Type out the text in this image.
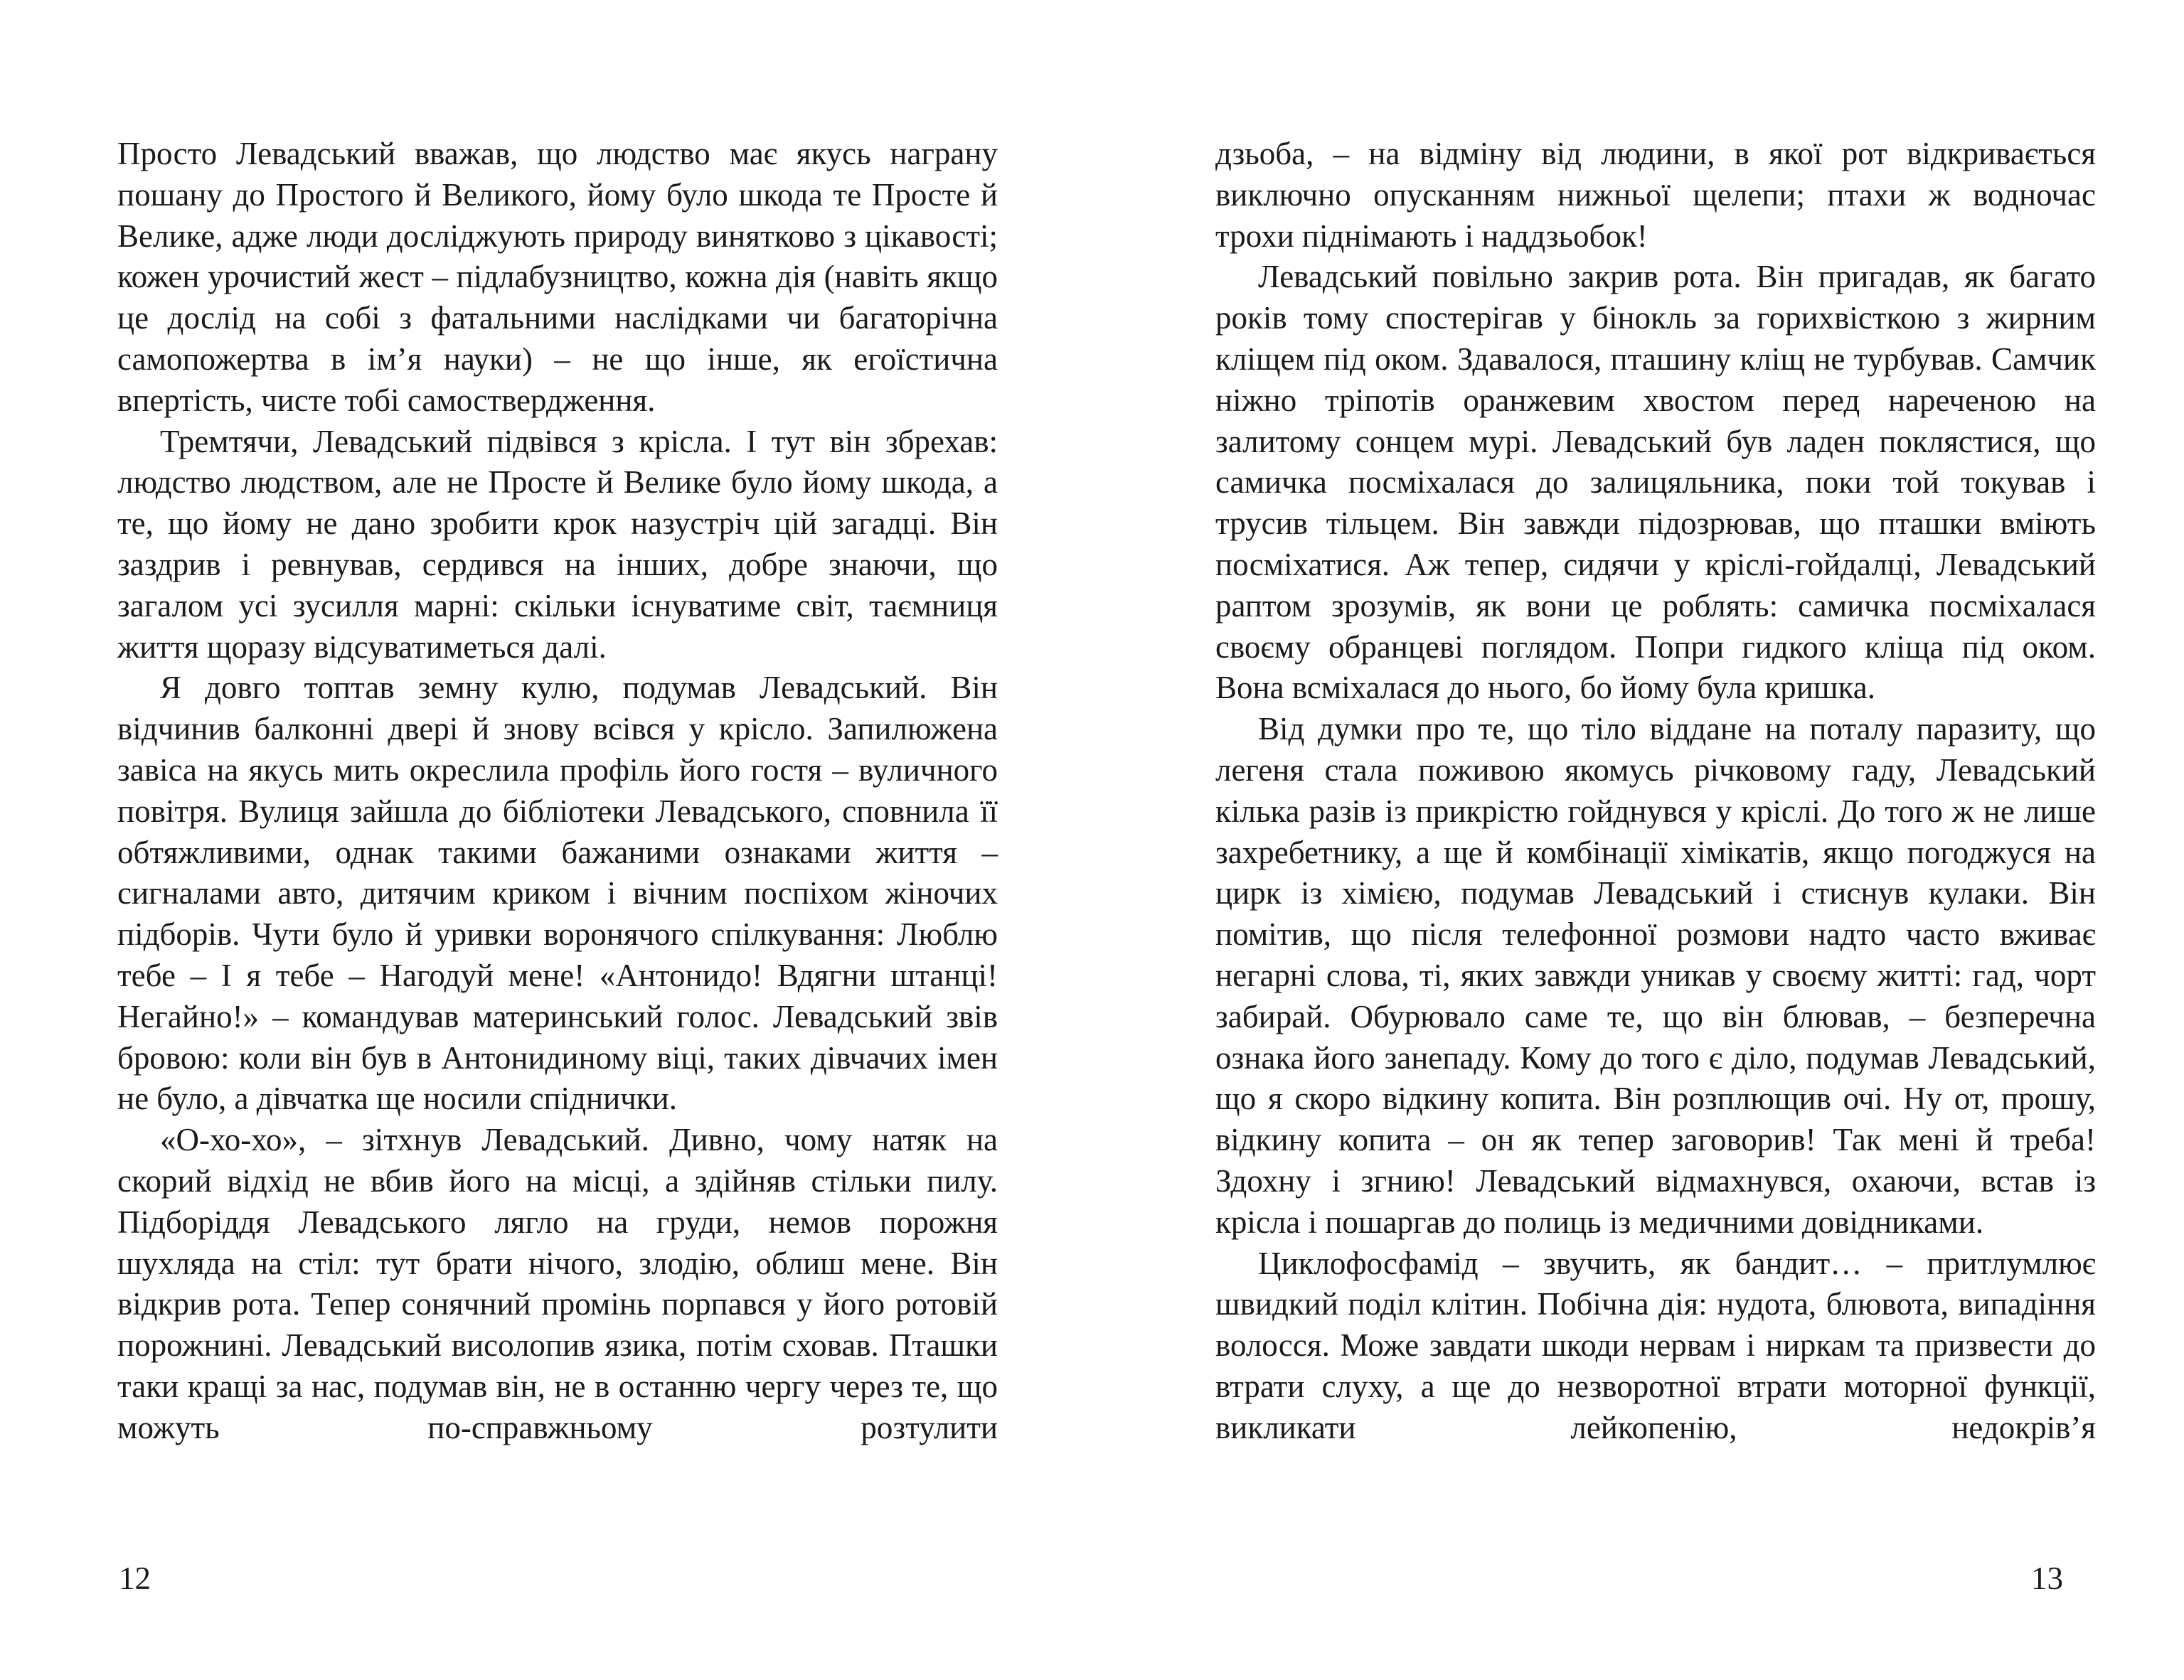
Просто Левадський вважав, що людство має якусь награну пошану до Простого й Великого, йому було шкода те Просте й Велике, адже люди досліджують природу винятково з цікавості; кожен урочистий жест – підлабузництво, кожна дія (навіть якщо це дослід на собі з фатальними наслідками чи багаторічна самопожертва в ім’я науки) – не що інше, як егоїстична впертість, чисте тобі самоствердження.

Тремтячи, Левадський підвівся з крісла. І тут він збрехав: людство людством, але не Просте й Велике було йому шкода, а те, що йому не дано зробити крок назустріч цій загадці. Він заздрив і ревнував, сердився на інших, добре знаючи, що загалом усі зусилля марні: скільки існуватиме світ, таємниця життя щоразу відсуватиметься далі.

Я довго топтав земну кулю, подумав Левадський. Він відчинив балконні двері й знову всівся у крісло. Запилюжена завіса на якусь мить окреслила профіль його гостя – вуличного повітря. Вулиця зайшла до бібліотеки Левадського, сповнила її обтяжливими, однак такими бажаними ознаками життя – сигналами авто, дитячим криком і вічним поспіхом жіночих підборів. Чути було й уривки воронячого спілкування: Люблю тебе – І я тебе – Нагодуй мене! «Антонидо! Вдягни штанці! Негайно!» – командував материнський голос. Левадський звів бровою: коли він був в Антонидиному віці, таких дівчачих імен не було, а дівчатка ще носили спіднички.

«О-хо-хо», – зітхнув Левадський. Дивно, чому натяк на скорий відхід не вбив його на місці, а здійняв стільки пилу. Підборіддя Левадського лягло на груди, немов порожня шухляда на стіл: тут брати нічого, злодію, облиш мене. Він відкрив рота. Тепер сонячний промінь порпався у його ротовій порожнині. Левадський висолопив язика, потім сховав. Пташки таки кращі за нас, подумав він, не в останню чергу через те, що можуть по-справжньому розтулити

12

дзьоба, – на відміну від людини, в якої рот відкривається виключно опусканням нижньої щелепи; птахи ж водночас трохи піднімають і наддзьобок!

Левадський повільно закрив рота. Він пригадав, як багато років тому спостерігав у бінокль за горихвісткою з жирним кліщем під оком. Здавалося, пташину кліщ не турбував. Самчик ніжно тріпотів оранжевим хвостом перед нареченою на залитому сонцем мурі. Левадський був ладен поклястися, що самичка посміхалася до залицяльника, поки той токував і трусив тільцем. Він завжди підозрював, що пташки вміють посміхатися. Аж тепер, сидячи у кріслі-гойдалці, Левадський раптом зрозумів, як вони це роблять: самичка посміхалася своєму обранцеві поглядом. Попри гидкого кліща під оком. Вона всміхалася до нього, бо йому була кришка.

Від думки про те, що тіло віддане на поталу паразиту, що легеня стала поживою якомусь річковому гаду, Левадський кілька разів із прикрістю гойднувся у кріслі. До того ж не лише захребетнику, а ще й комбінації хімікатів, якщо погоджуся на цирк із хімією, подумав Левадський і стиснув кулаки. Він помітив, що після телефонної розмови надто часто вживає негарні слова, ті, яких завжди уникав у своєму житті: гад, чорт забирай. Обурювало саме те, що він блював, – безперечна ознака його занепаду. Кому до того є діло, подумав Левадський, що я скоро відкину копита. Він розплющив очі. Ну от, прошу, відкину копита – он як тепер заговорив! Так мені й треба! Здохну і згнию! Левадський відмахнувся, охаючи, встав із крісла і пошаргав до полиць із медичними довідниками.

Циклофосфамід – звучить, як бандит… – притлумлює швидкий поділ клітин. Побічна дія: нудота, блювота, випадіння волосся. Може завдати шкоди нервам і ниркам та призвести до втрати слуху, а ще до незворотної втрати моторної функції, викликати лейкопенію, недокрів’я

13
